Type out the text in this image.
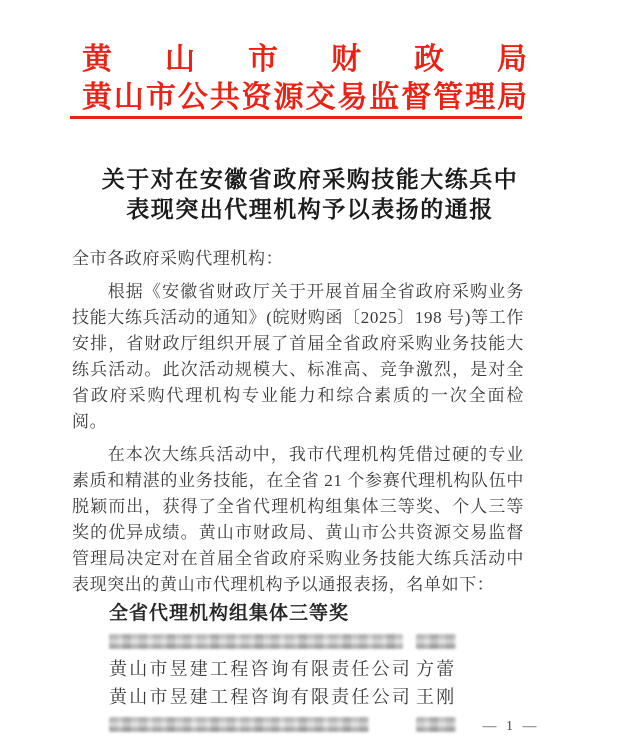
黄山市财政局
黄山市公共资源交易监督管理局
关于对在安徽省政府采购技能大练兵中
表现突出代理机构予以表扬的通报
全市各政府采购代理机构：
根据《安徽省财政厅关于开展首届全省政府采购业务技能大练兵活动的通知》(皖财购函〔2025〕198 号)等工作安排，省财政厅组织开展了首届全省政府采购业务技能大练兵活动。此次活动规模大、标准高、竞争激烈，是对全省政府采购代理机构专业能力和综合素质的一次全面检阅。
在本次大练兵活动中，我市代理机构凭借过硬的专业素质和精湛的业务技能，在全省 21 个参赛代理机构队伍中脱颖而出，获得了全省代理机构组集体三等奖、个人三等奖的优异成绩。黄山市财政局、黄山市公共资源交易监督管理局决定对在首届全省政府采购业务技能大练兵活动中表现突出的黄山市代理机构予以通报表扬，名单如下：
全省代理机构组集体三等奖
黄山市昱建工程咨询有限责任公司 方蕾
黄山市昱建工程咨询有限责任公司 王刚
— 1 —
